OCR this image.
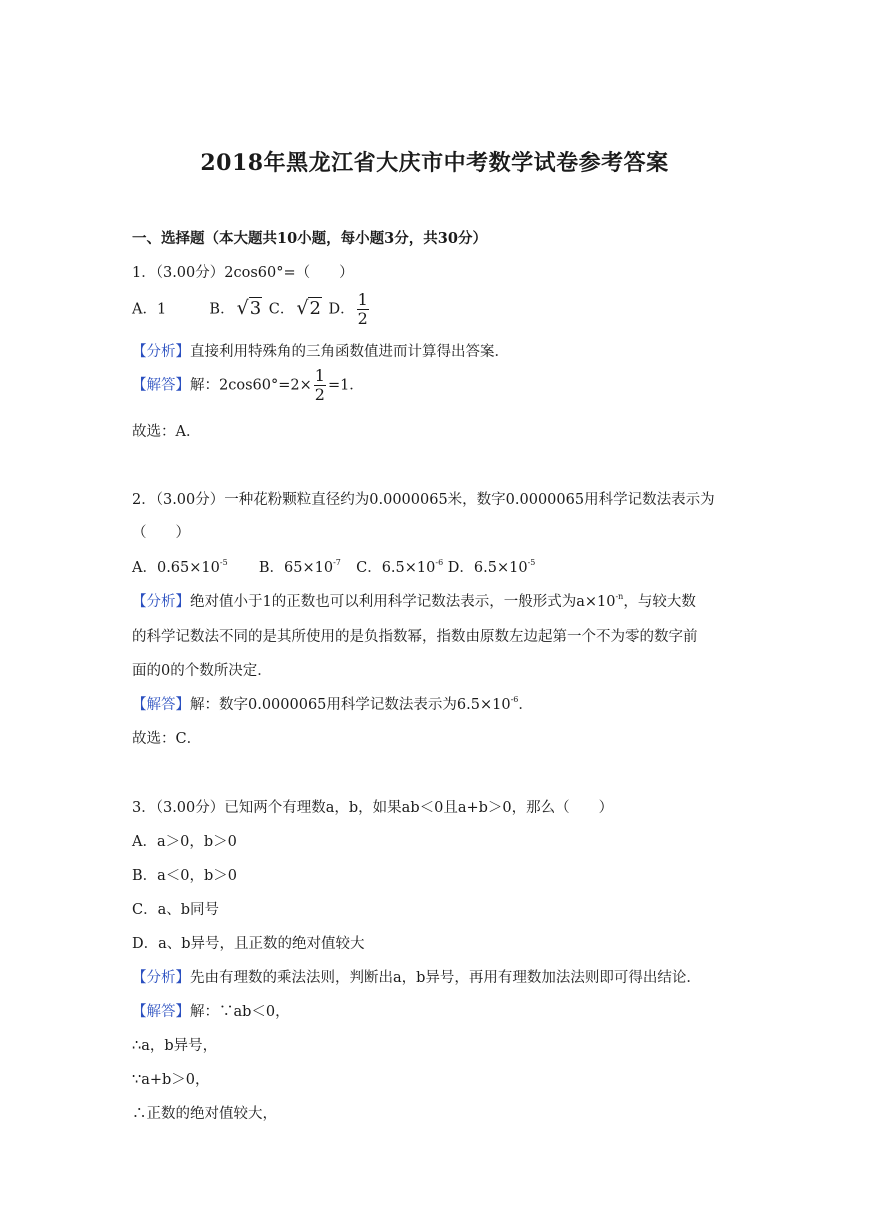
2018年黑龙江省大庆市中考数学试卷参考答案
一、选择题（本大题共10小题，每小题3分，共30分）
1．（3.00分）2cos60°=（　　）
A．1	B． √3 C． √2 D． $\frac{1}{2}$
【分析】直接利用特殊角的三角函数值进而计算得出答案．
【解答】解：$2\cos 60^\circ=2\times \frac{1}{2} =1$．
故选：A．
2．（3.00分）一种花粉颗粒直径约为0.0000065米，数字0.0000065用科学记数法表示为
（　　）
A．$0.65\times 10^{-5}$ B．$65\times 10^{-7}$ C．$6.5\times 10^{-6}$ D．$6.5\times 10^{-5}$
【分析】绝对值小于1的正数也可以利用科学记数法表示，一般形式为$a\times 10^{-n}$，与较大数
的科学记数法不同的是其所使用的是负指数幂，指数由原数左边起第一个不为零的数字前
面的0的个数所决定．
【解答】解：数字0.0000065用科学记数法表示为$6.5\times 10^{-6}$．
故选：C．
3．（3.00分）已知两个有理数a，b，如果ab＜0且a+b＞0，那么（　　）
A．a＞0，b＞0
B．a＜0，b＞0
C．a、b同号
D．a、b异号，且正数的绝对值较大
【分析】先由有理数的乘法法则，判断出a，b异号，再用有理数加法法则即可得出结论．
【解答】解：∵ab＜0，
∴a，b异号，
∵a+b＞0，
∴正数的绝对值较大，
